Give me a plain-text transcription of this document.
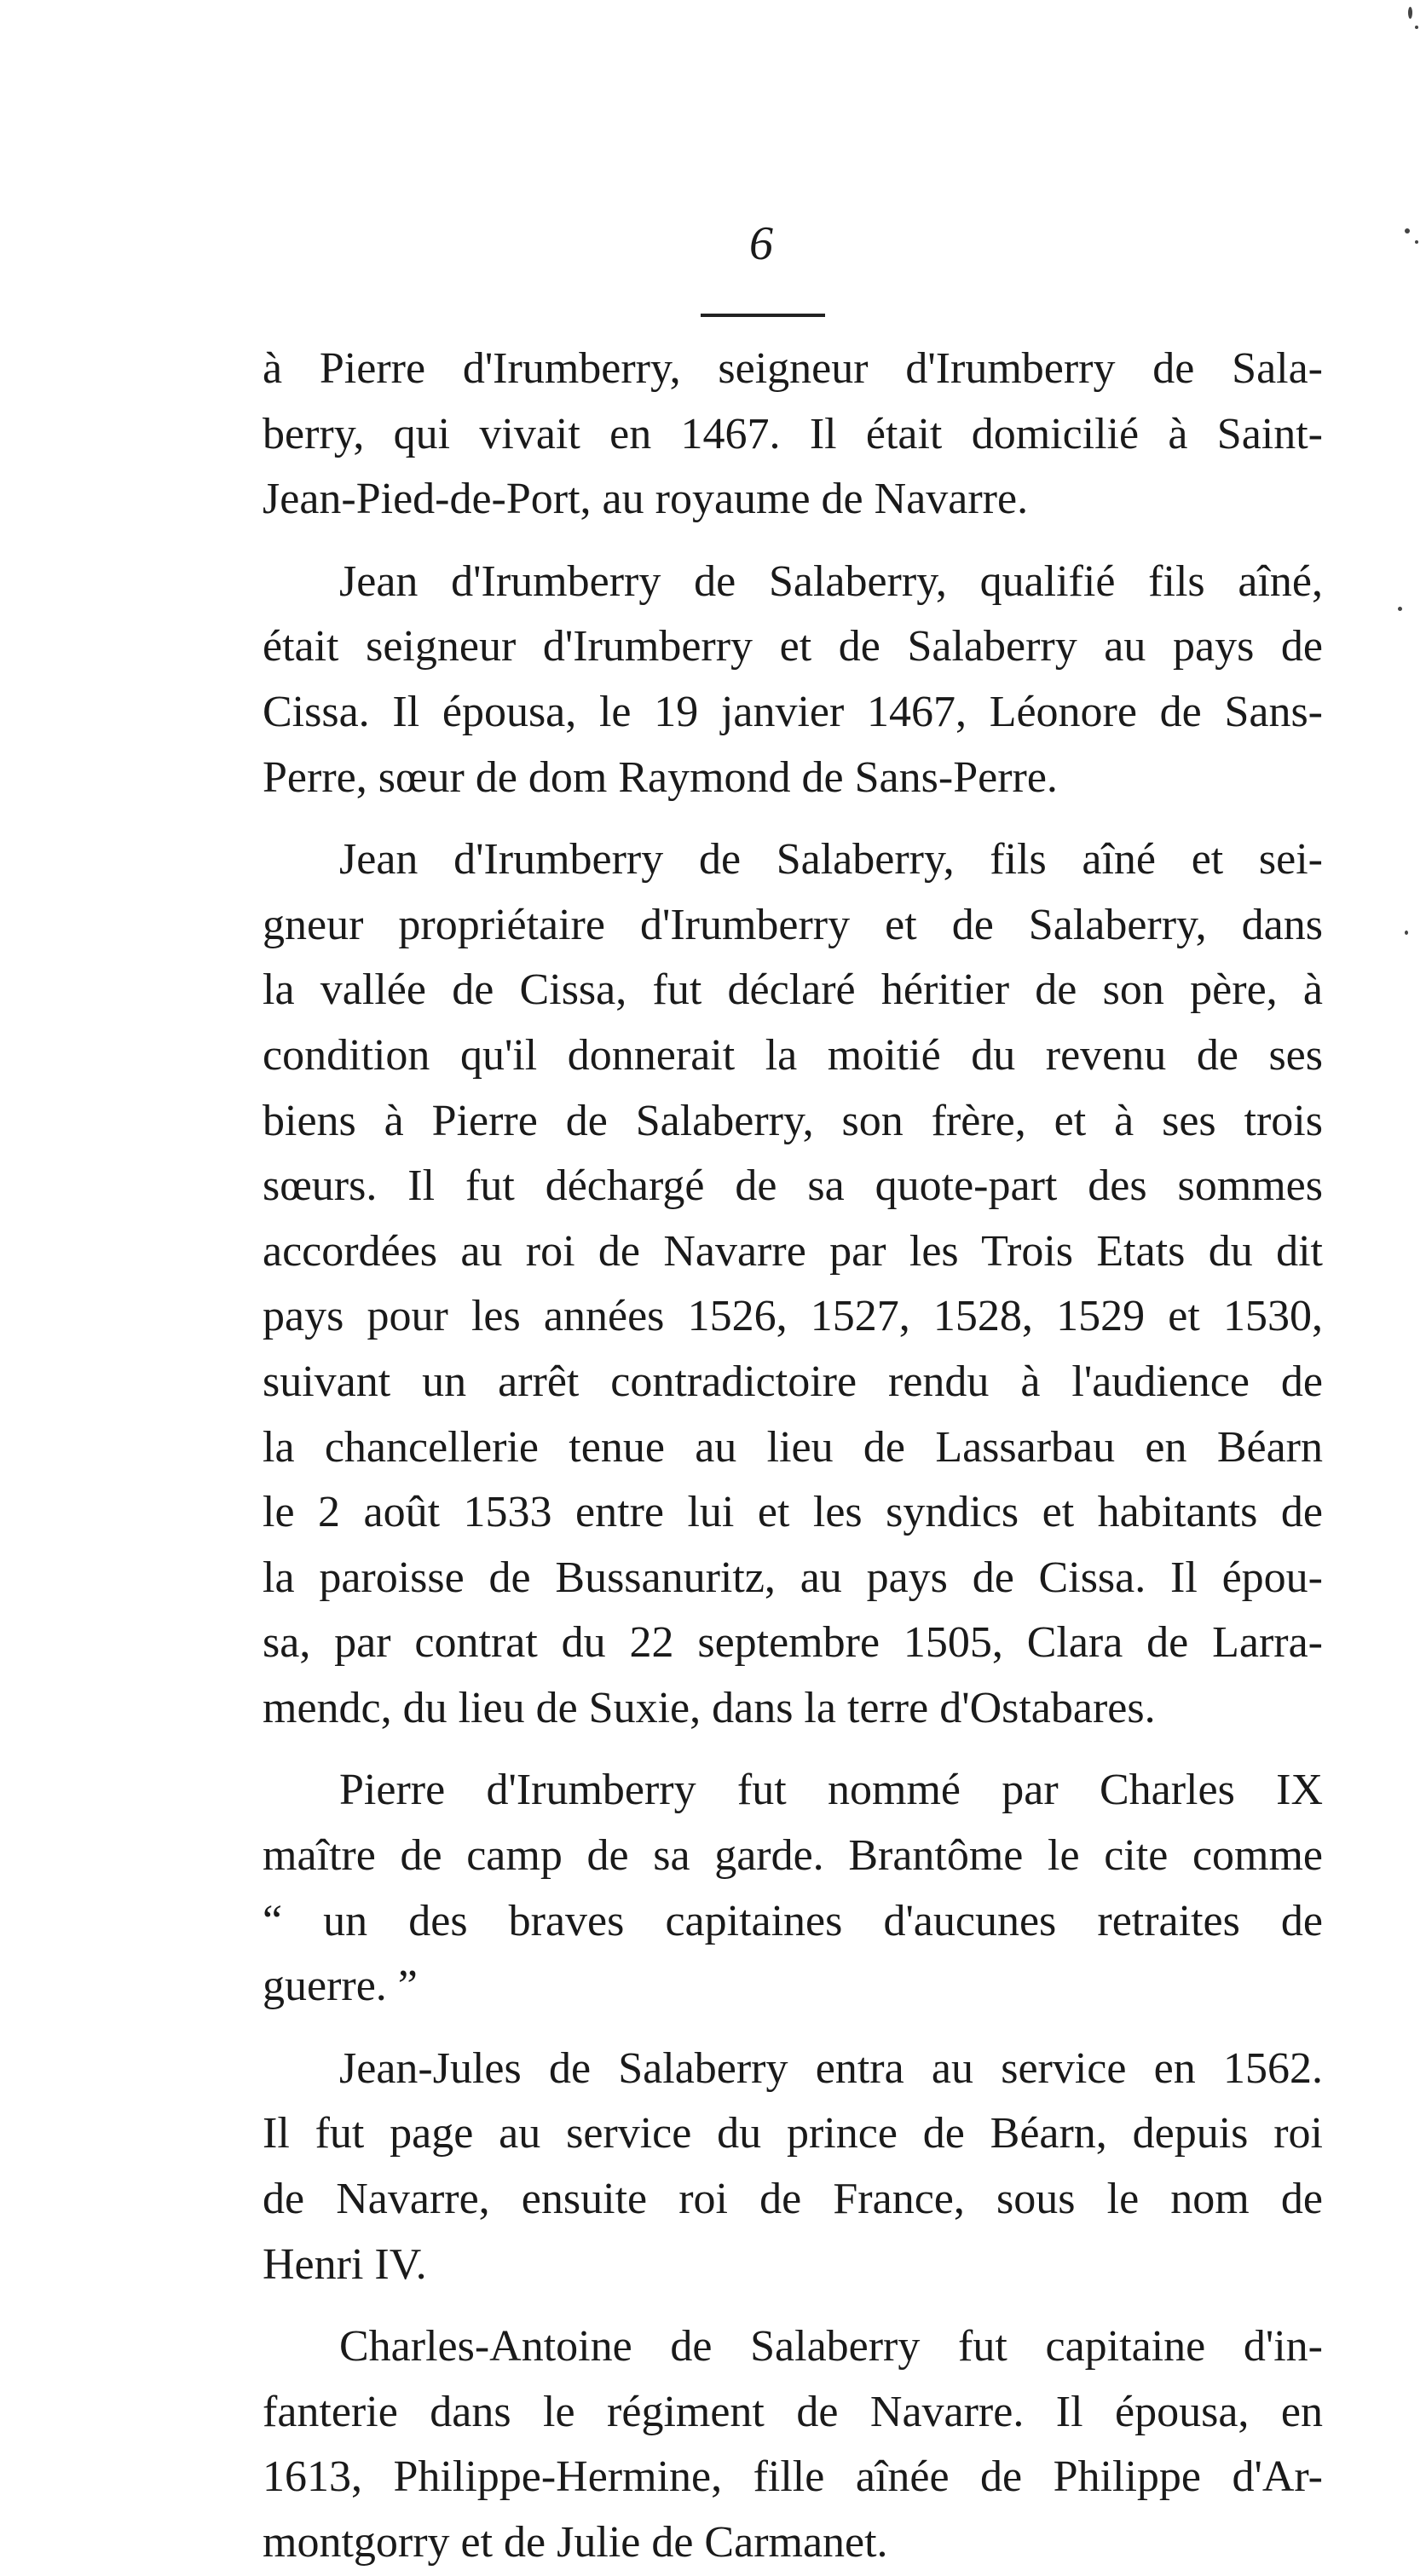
6
à Pierre d'Irumberry, seigneur d'Irumberry de Sala-
berry, qui vivait en 1467. Il était domicilié à Saint-
Jean-Pied-de-Port, au royaume de Navarre.
Jean d'Irumberry de Salaberry, qualifié fils aîné,
était seigneur d'Irumberry et de Salaberry au pays de
Cissa. Il épousa, le 19 janvier 1467, Léonore de Sans-
Perre, sœur de dom Raymond de Sans-Perre.
Jean d'Irumberry de Salaberry, fils aîné et sei-
gneur propriétaire d'Irumberry et de Salaberry, dans
la vallée de Cissa, fut déclaré héritier de son père, à
condition qu'il donnerait la moitié du revenu de ses
biens à Pierre de Salaberry, son frère, et à ses trois
sœurs. Il fut déchargé de sa quote-part des sommes
accordées au roi de Navarre par les Trois Etats du dit
pays pour les années 1526, 1527, 1528, 1529 et 1530,
suivant un arrêt contradictoire rendu à l'audience de
la chancellerie tenue au lieu de Lassarbau en Béarn
le 2 août 1533 entre lui et les syndics et habitants de
la paroisse de Bussanuritz, au pays de Cissa. Il épou-
sa, par contrat du 22 septembre 1505, Clara de Larra-
mendc, du lieu de Suxie, dans la terre d'Ostabares.
Pierre d'Irumberry fut nommé par Charles IX
maître de camp de sa garde. Brantôme le cite comme
“ un des braves capitaines d'aucunes retraites de
guerre. ”
Jean-Jules de Salaberry entra au service en 1562.
Il fut page au service du prince de Béarn, depuis roi
de Navarre, ensuite roi de France, sous le nom de
Henri IV.
Charles-Antoine de Salaberry fut capitaine d'in-
fanterie dans le régiment de Navarre. Il épousa, en
1613, Philippe-Hermine, fille aînée de Philippe d'Ar-
montgorry et de Julie de Carmanet.
